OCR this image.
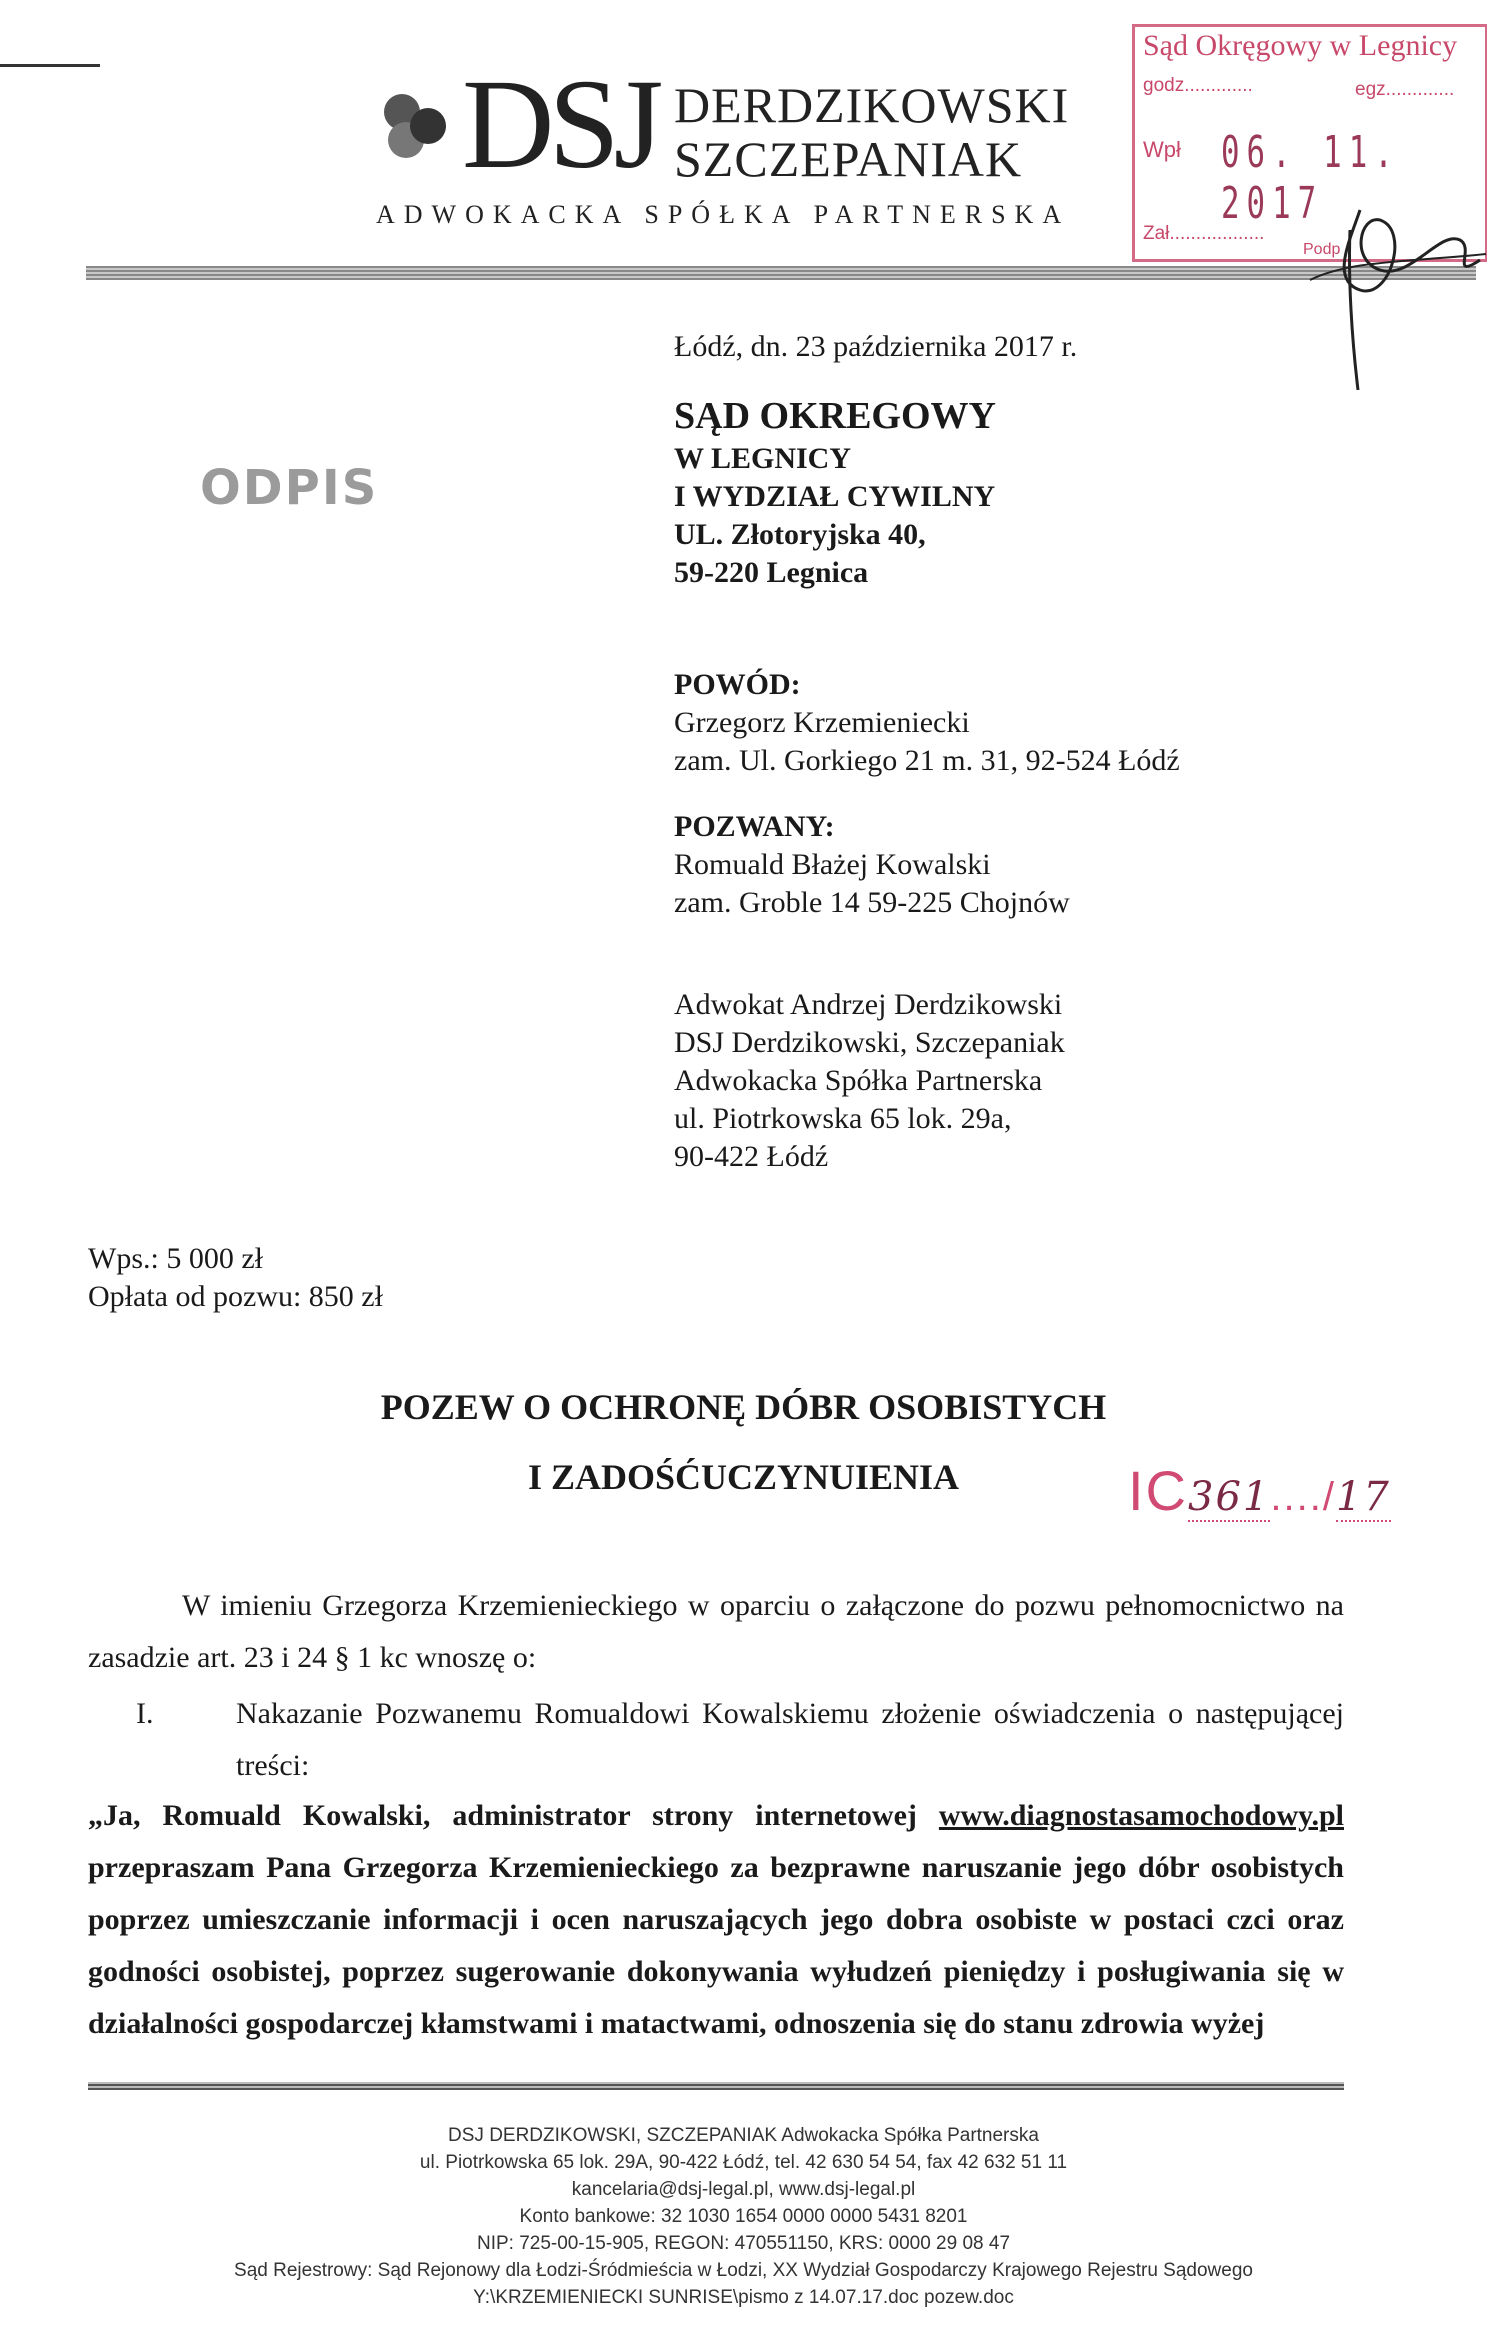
DSJ DERDZIKOWSKI
SZCZEPANIAK
ADWOKACKA SPÓŁKA PARTNERSKA
Sąd Okręgowy w Legnicy
godz.............	egz.............
Wpł 06. 11. 2017
Zał..................
Podp
Łódź, dn. 23 października 2017 r.
SĄD OKREGOWY
W LEGNICY
I WYDZIAŁ CYWILNY
UL. Złotoryjska 40,
59-220 Legnica
ODPIS
POWÓD:
Grzegorz Krzemieniecki
zam. Ul. Gorkiego 21 m. 31, 92-524 Łódź
POZWANY:
Romuald Błażej Kowalski
zam. Groble 14 59-225 Chojnów
Adwokat Andrzej Derdzikowski
DSJ Derdzikowski, Szczepaniak
Adwokacka Spółka Partnerska
ul. Piotrkowska 65 lok. 29a,
90-422 Łódź
Wps.: 5 000 zł
Opłata od pozwu: 850 zł
POZEW O OCHRONĘ DÓBR OSOBISTYCH
I ZADOŚĆUCZYNUIENIA	IC361..../17
W imieniu Grzegorza Krzemienieckiego w oparciu o załączone do pozwu pełnomocnictwo na zasadzie art. 23 i 24 § 1 kc wnoszę o:
I.	Nakazanie Pozwanemu Romualdowi Kowalskiemu złożenie oświadczenia o następującej treści:
„Ja, Romuald Kowalski, administrator strony internetowej www.diagnostasamochodowy.pl przepraszam Pana Grzegorza Krzemienieckiego za bezprawne naruszanie jego dóbr osobistych poprzez umieszczanie informacji i ocen naruszających jego dobra osobiste w postaci czci oraz godności osobistej, poprzez sugerowanie dokonywania wyłudzeń pieniędzy i posługiwania się w działalności gospodarczej kłamstwami i matactwami, odnoszenia się do stanu zdrowia wyżej
DSJ DERDZIKOWSKI, SZCZEPANIAK Adwokacka Spółka Partnerska
ul. Piotrkowska 65 lok. 29A, 90-422 Łódź, tel. 42 630 54 54, fax 42 632 51 11
kancelaria@dsj-legal.pl, www.dsj-legal.pl
Konto bankowe: 32 1030 1654 0000 0000 5431 8201
NIP: 725-00-15-905, REGON: 470551150, KRS: 0000 29 08 47
Sąd Rejestrowy: Sąd Rejonowy dla Łodzi-Śródmieścia w Łodzi, XX Wydział Gospodarczy Krajowego Rejestru Sądowego
Y:\KRZEMIENIECKI SUNRISE\pismo z 14.07.17.doc pozew.doc
